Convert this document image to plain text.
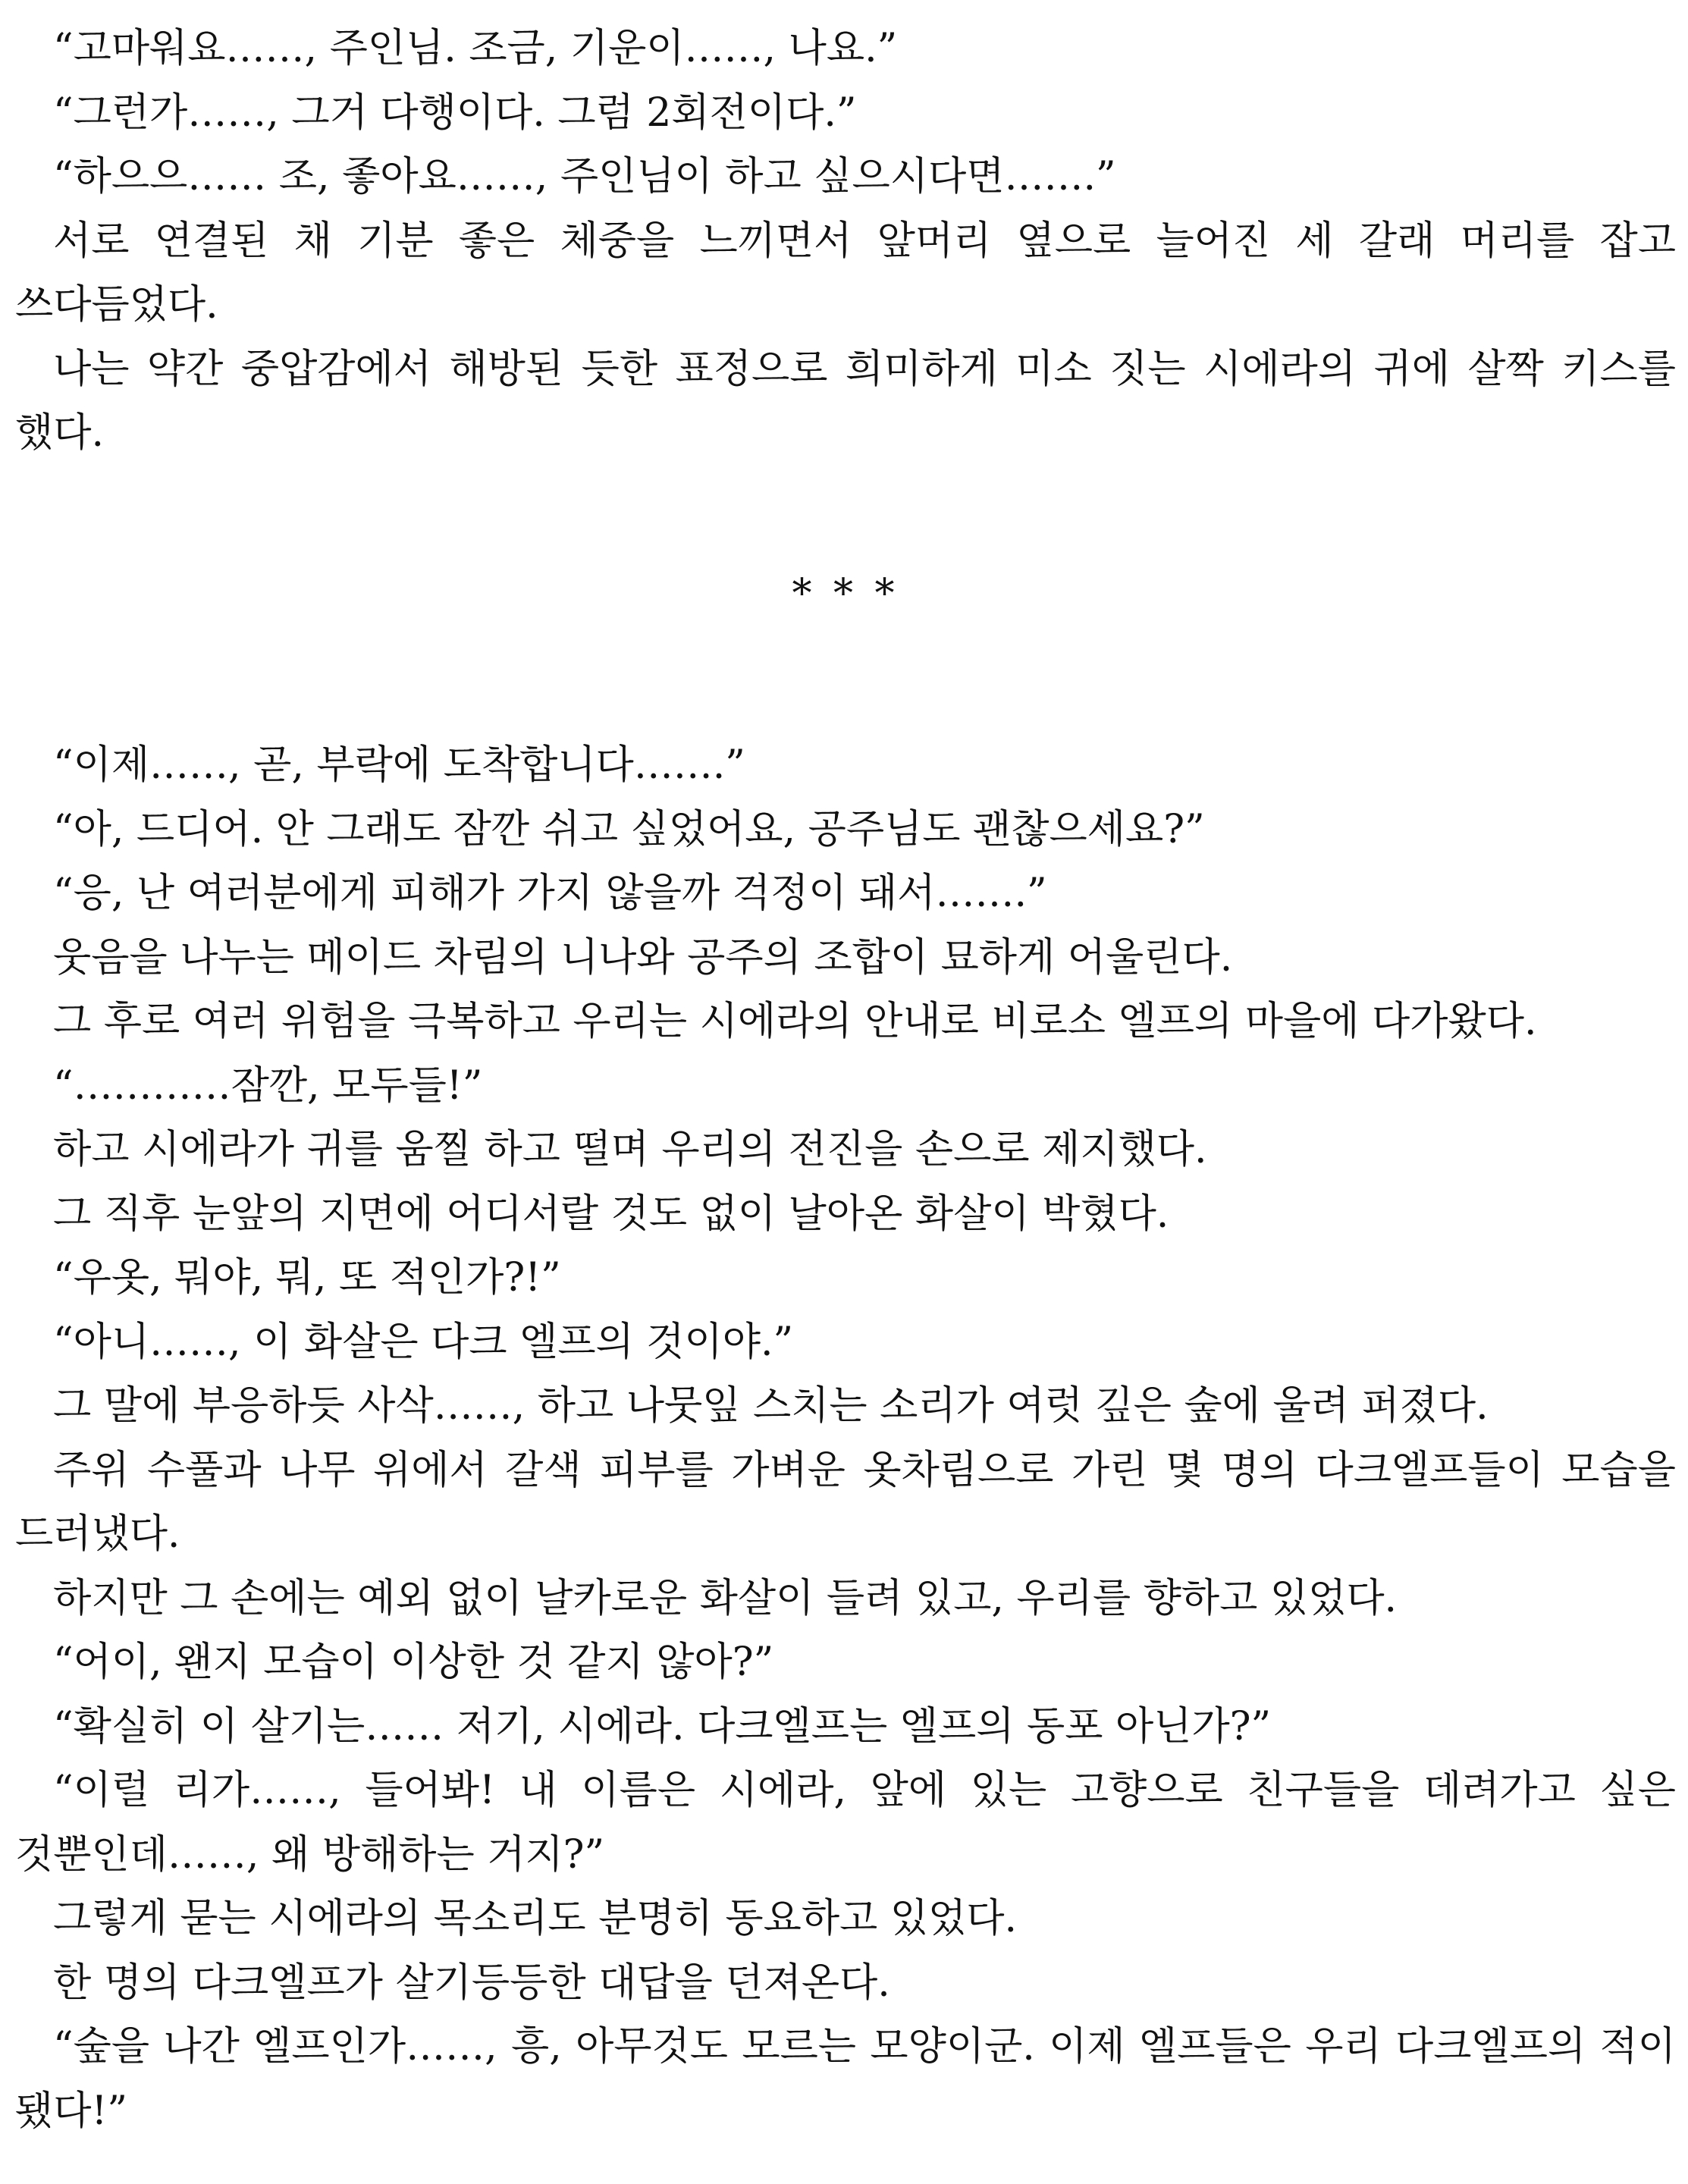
“고마워요……, 주인님. 조금, 기운이……, 나요.”

“그런가……, 그거 다행이다. 그럼 2회전이다.”

“하으으…… 조, 좋아요……, 주인님이 하고 싶으시다면…….”

서로 연결된 채 기분 좋은 체중을 느끼면서 앞머리 옆으로 늘어진 세 갈래 머리를 잡고 쓰다듬었다.

나는 약간 중압감에서 해방된 듯한 표정으로 희미하게 미소 짓는 시에라의 귀에 살짝 키스를 했다.

* * *

“이제……, 곧, 부락에 도착합니다…….”

“아, 드디어. 안 그래도 잠깐 쉬고 싶었어요, 공주님도 괜찮으세요?”

“응, 난 여러분에게 피해가 가지 않을까 걱정이 돼서…….”

웃음을 나누는 메이드 차림의 니나와 공주의 조합이 묘하게 어울린다.

그 후로 여러 위험을 극복하고 우리는 시에라의 안내로 비로소 엘프의 마을에 다가왔다.

“…………잠깐, 모두들!”

하고 시에라가 귀를 움찔 하고 떨며 우리의 전진을 손으로 제지했다.

그 직후 눈앞의 지면에 어디서랄 것도 없이 날아온 화살이 박혔다.

“우옷, 뭐야, 뭐, 또 적인가?!”

“아니……, 이 화살은 다크 엘프의 것이야.”

그 말에 부응하듯 사삭……, 하고 나뭇잎 스치는 소리가 여럿 깊은 숲에 울려 퍼졌다.

주위 수풀과 나무 위에서 갈색 피부를 가벼운 옷차림으로 가린 몇 명의 다크엘프들이 모습을 드러냈다.

하지만 그 손에는 예외 없이 날카로운 화살이 들려 있고, 우리를 향하고 있었다.

“어이, 왠지 모습이 이상한 것 같지 않아?”

“확실히 이 살기는…… 저기, 시에라. 다크엘프는 엘프의 동포 아닌가?”

“이럴 리가……, 들어봐! 내 이름은 시에라, 앞에 있는 고향으로 친구들을 데려가고 싶은 것뿐인데……, 왜 방해하는 거지?”

그렇게 묻는 시에라의 목소리도 분명히 동요하고 있었다.

한 명의 다크엘프가 살기등등한 대답을 던져온다.

“숲을 나간 엘프인가……, 흥, 아무것도 모르는 모양이군. 이제 엘프들은 우리 다크엘프의 적이 됐다!”
